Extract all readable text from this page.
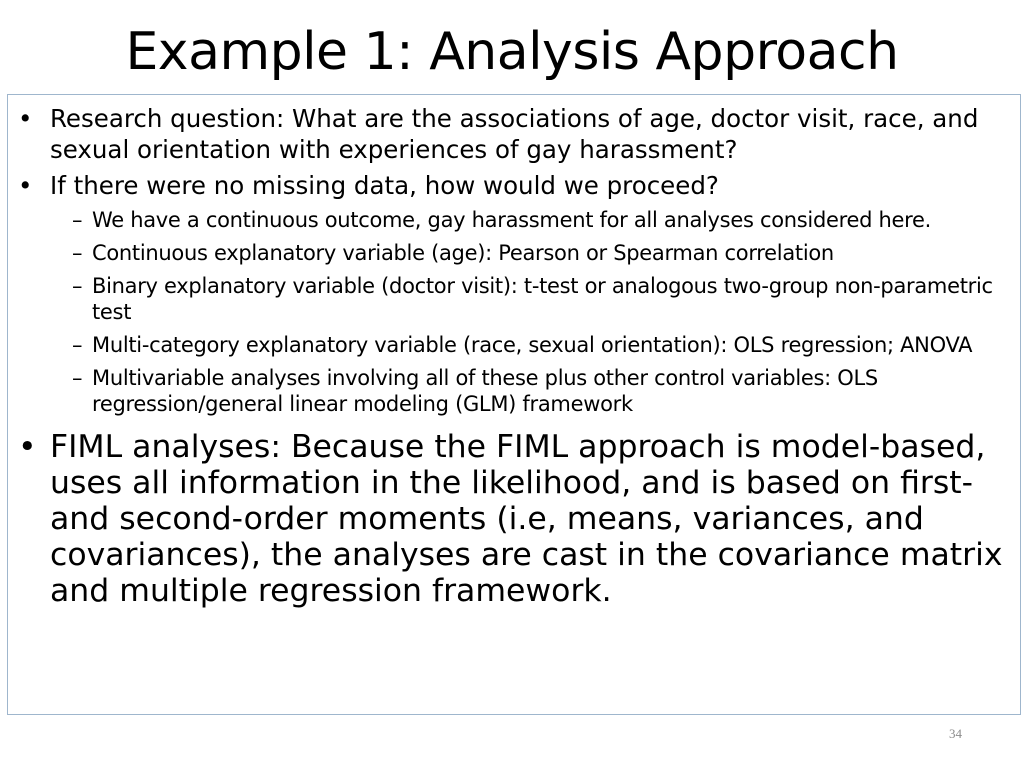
Example 1: Analysis Approach
• Research question: What are the associations of age, doctor visit, race, and sexual orientation with experiences of gay harassment?
• If there were no missing data, how would we proceed?
– We have a continuous outcome, gay harassment for all analyses considered here.
– Continuous explanatory variable (age): Pearson or Spearman correlation
– Binary explanatory variable (doctor visit): t-test or analogous two-group non-parametric test
– Multi-category explanatory variable (race, sexual orientation): OLS regression; ANOVA
– Multivariable analyses involving all of these plus other control variables: OLS regression/general linear modeling (GLM) framework
• FIML analyses: Because the FIML approach is model-based, uses all information in the likelihood, and is based on first- and second-order moments (i.e, means, variances, and covariances), the analyses are cast in the covariance matrix and multiple regression framework.
34
